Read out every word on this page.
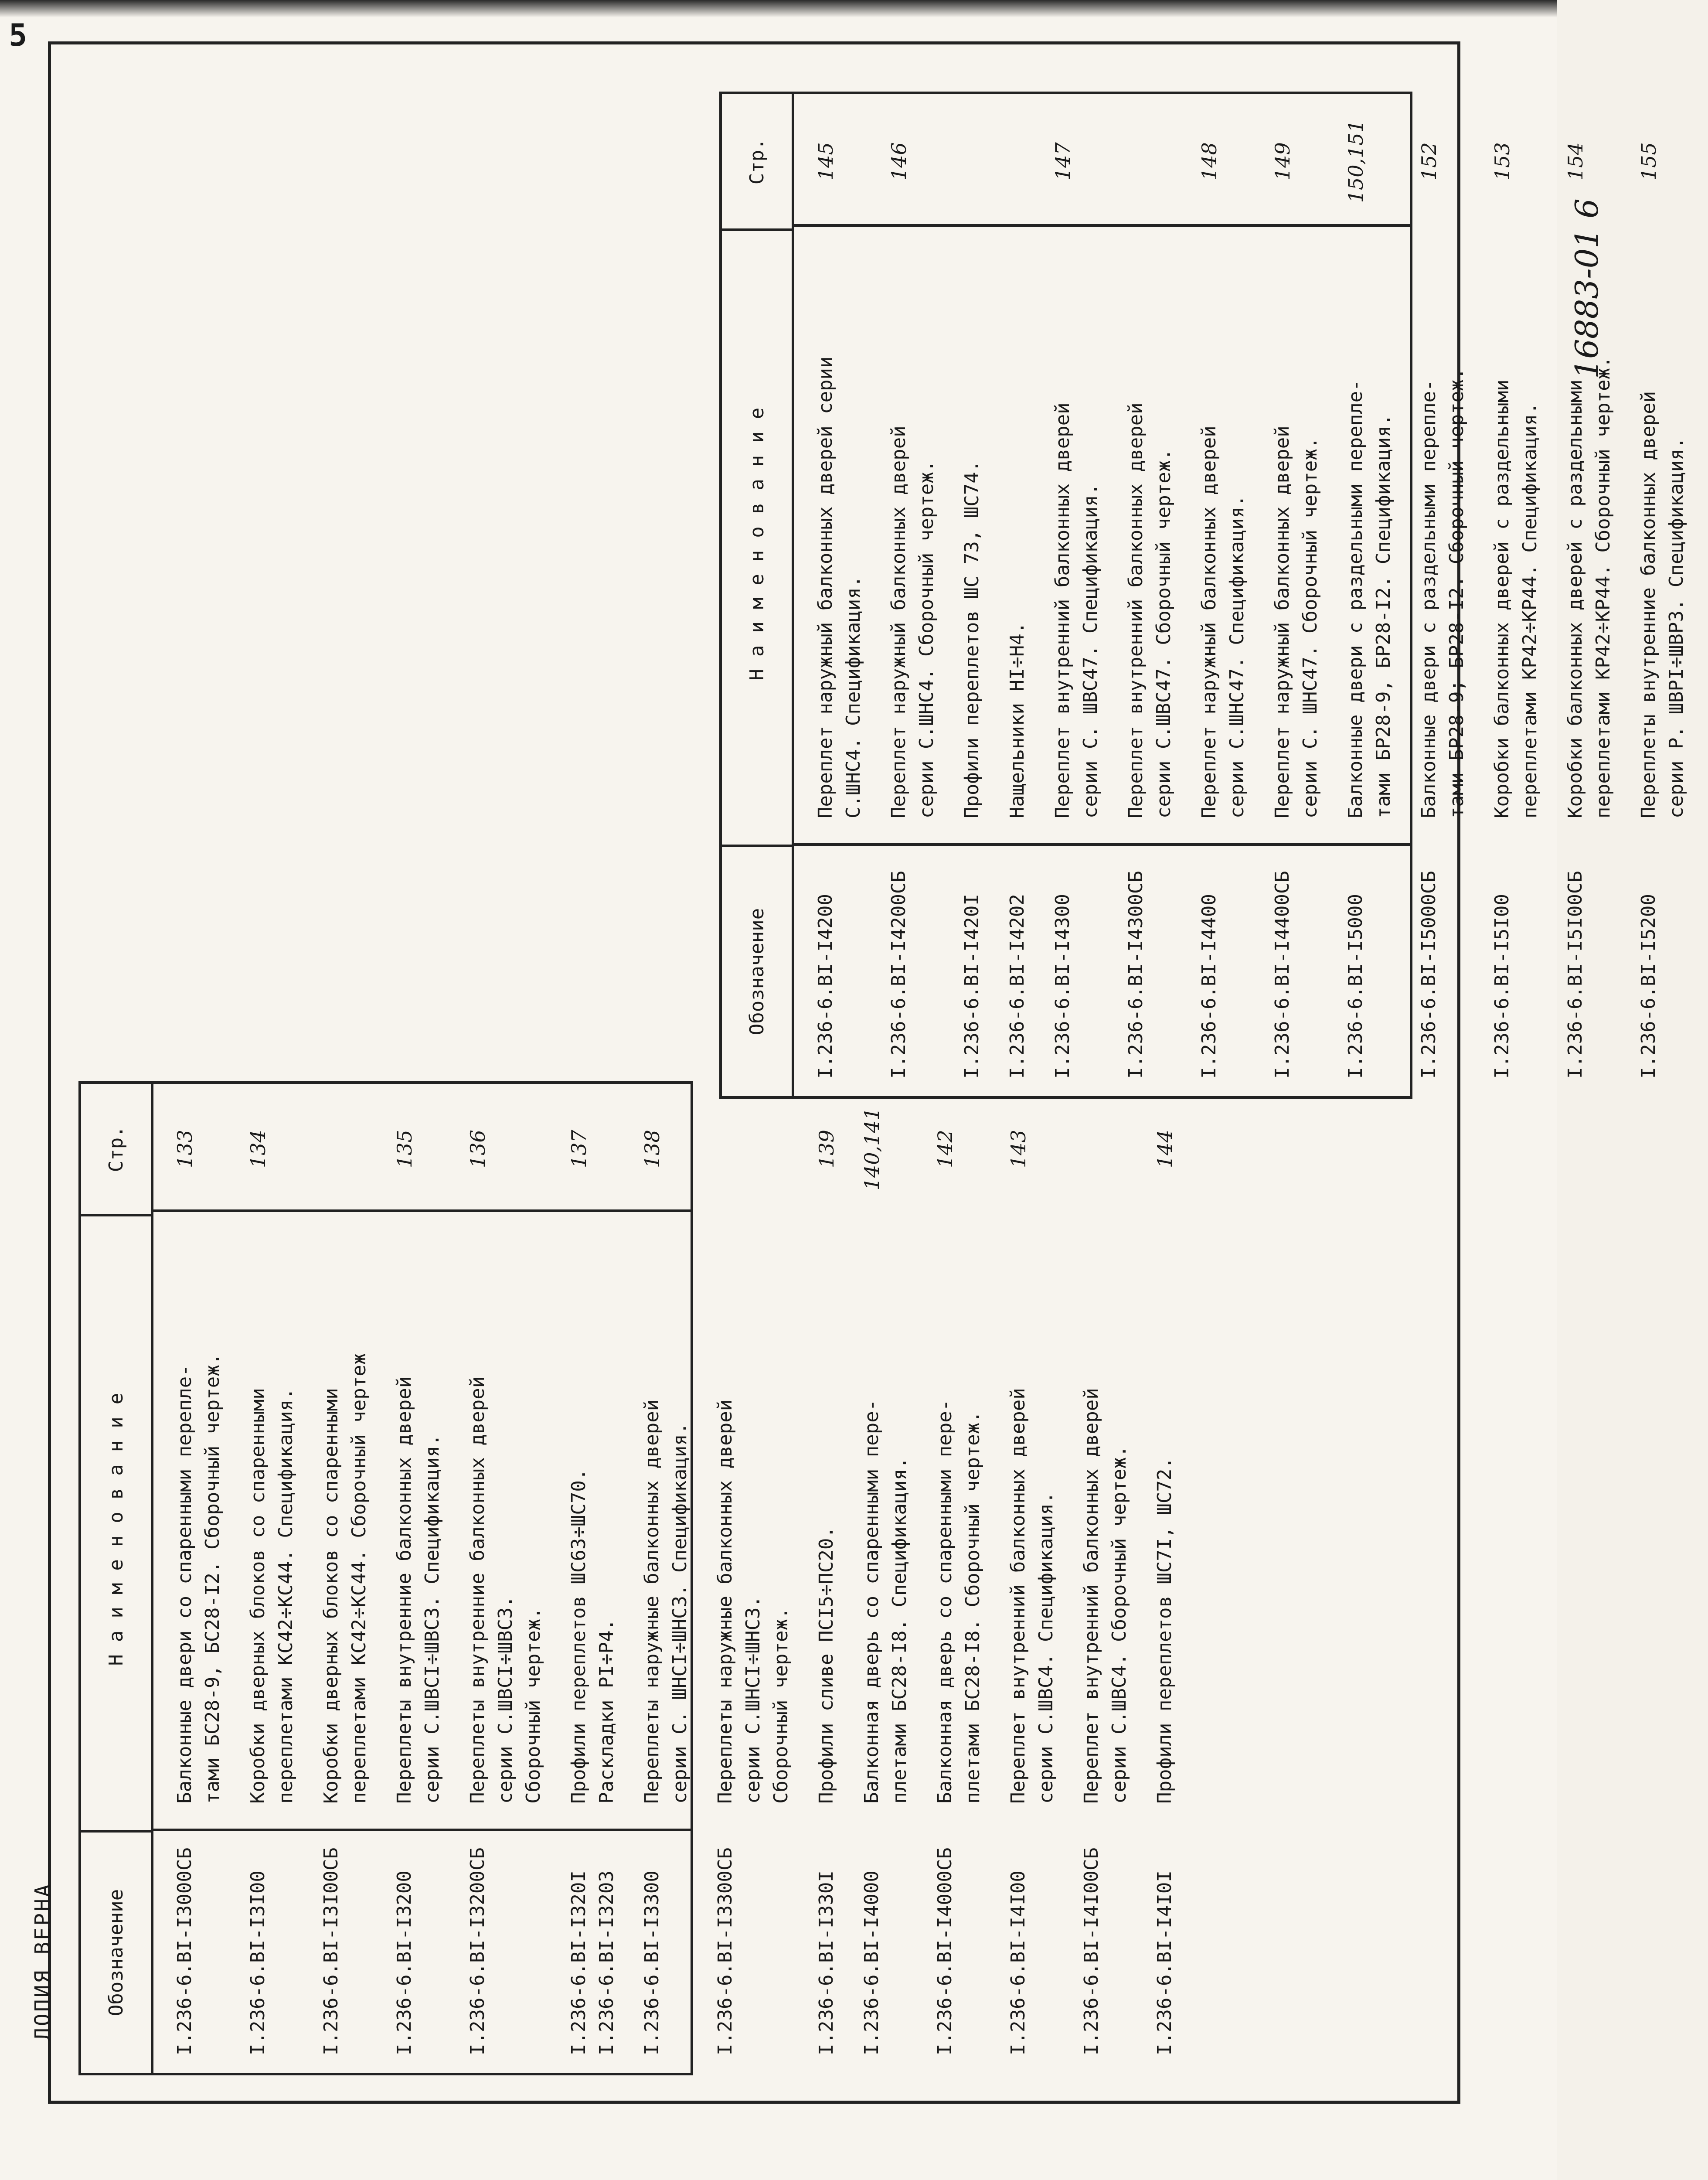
5
ЛОПИЯ ВЕРНА
16883-01 6
Обозначение
Наименование
Стр.
I.236-6.BI-I3000СБ
Балконные двери со спаренными перепле-
тами БС28-9, БС28-I2. Сборочный чертеж.
133
I.236-6.BI-I3I00
Коробки дверных блоков со спаренными
переплетами КС42÷КС44. Спецификация.
134
I.236-6.BI-I3I00СБ
Коробки дверных блоков со спаренными
переплетами КС42÷КС44. Сборочный чертеж
I.236-6.BI-I3200
Переплеты внутренние балконных дверей
серии С.ШВСI÷ШВС3. Спецификация.
135
I.236-6.BI-I3200СБ
Переплеты внутренние балконных дверей
серии С.ШВСI÷ШВС3.
Сборочный чертеж.
136
I.236-6.BI-I320I
I.236-6.BI-I3203
Профили переплетов ШС63÷ШС70.
Раскладки PI÷P4.
137
I.236-6.BI-I3300
Переплеты наружные балконных дверей
серии С. ШНСI÷ШНС3. Спецификация.
138
I.236-6.BI-I3300СБ
Переплеты наружные балконных дверей
серии С.ШНСI÷ШНС3.
Сборочный чертеж.
I.236-6.BI-I330I
Профили сливе ПСI5÷ПС20.
139
I.236-6.BI-I4000
Балконная дверь со спаренными пере-
плетами БС28-I8. Спецификация.
140,141
I.236-6.BI-I4000СБ
Балконная дверь со спаренными пере-
плетами БС28-I8. Сборочный чертеж.
142
I.236-6.BI-I4I00
Переплет внутренний балконных дверей
серии С.ШВС4. Спецификация.
143
I.236-6.BI-I4I00СБ
Переплет внутренний балконных дверей
серии С.ШВС4. Сборочный чертеж.
I.236-6.BI-I4I0I
Профили переплетов ШС7I, ШС72.
144
Обозначение
Наименование
Стр.
I.236-6.BI-I4200
Переплет наружный балконных дверей серии
С.ШНС4. Спецификация.
145
I.236-6.BI-I4200СБ
Переплет наружный балконных дверей
серии С.ШНС4. Сборочный чертеж.
146
I.236-6.BI-I420I
Профили переплетов ШС 73, ШС74.
I.236-6.BI-I4202
Нащельники НI÷Н4.
I.236-6.BI-I4300
Переплет внутренний балконных дверей
серии С. ШВС47. Спецификация.
147
I.236-6.BI-I4300СБ
Переплет внутренний балконных дверей
серии С.ШВС47. Сборочный чертеж.
I.236-6.BI-I4400
Переплет наружный балконных дверей
серии С.ШНС47. Спецификация.
148
I.236-6.BI-I4400СБ
Переплет наружный балконных дверей
серии С. ШНС47. Сборочный чертеж.
149
I.236-6.BI-I5000
Балконные двери с раздельными перепле-
тами БР28-9, БР28-I2. Спецификация.
150,151
I.236-6.BI-I5000СБ
Балконные двери с раздельными перепле-
тами БР28-9; БР28-I2. Сборочный чертеж.
152
I.236-6.BI-I5I00
Коробки балконных дверей с раздельными
переплетами КР42÷КР44. Спецификация.
153
I.236-6.BI-I5I00СБ
Коробки балконных дверей с раздельными
переплетами КР42÷КР44. Сборочный чертеж.
154
I.236-6.BI-I5200
Переплеты внутренние балконных дверей
серии Р. ШВРI÷ШВР3. Спецификация.
155
